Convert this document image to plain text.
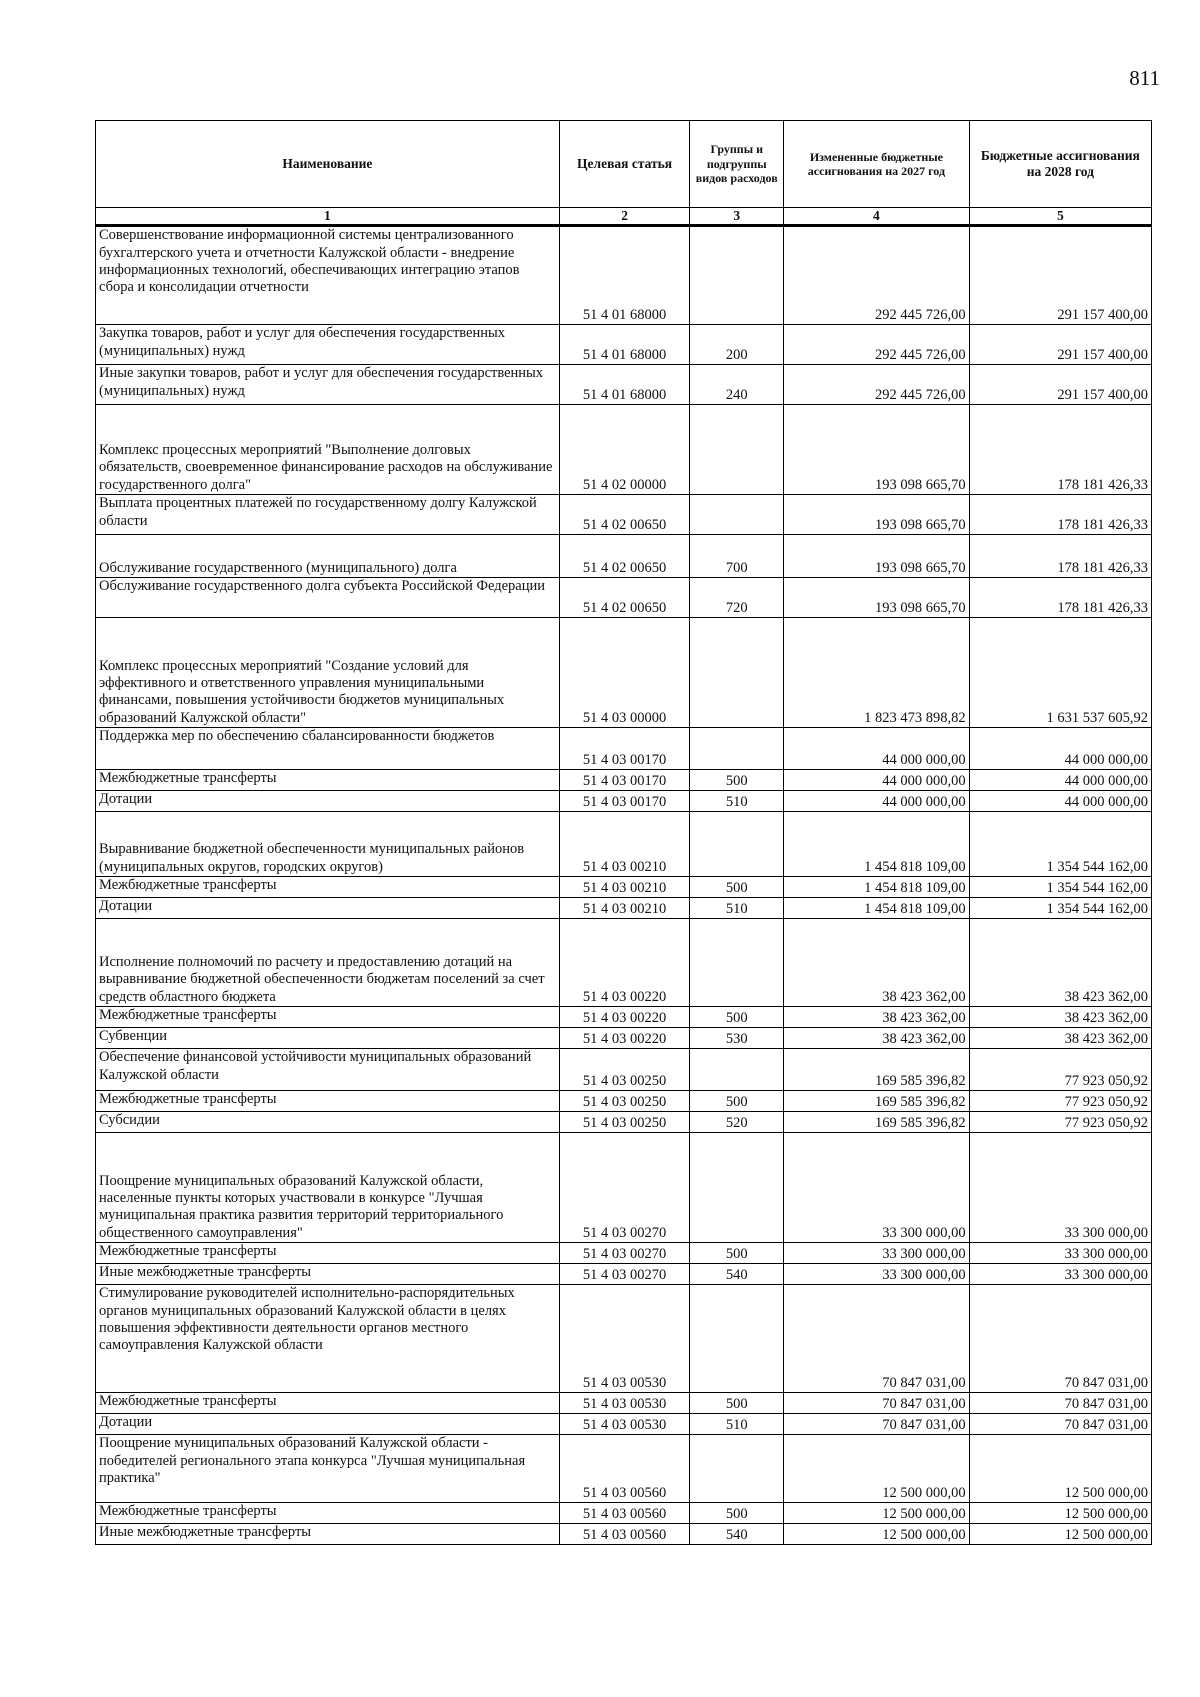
811
Наименование	Целевая статья	Группы и подгруппы видов расходов	Измененные бюджетные ассигнования на 2027 год	Бюджетные ассигнования на 2028 год
1	2	3	4	5
Совершенствование информационной системы централизованного бухгалтерского учета и отчетности Калужской области - внедрение информационных технологий, обеспечивающих интеграцию этапов сбора и консолидации отчетности	51 4 01 68000		292 445 726,00	291 157 400,00
Закупка товаров, работ и услуг для обеспечения государственных (муниципальных) нужд	51 4 01 68000	200	292 445 726,00	291 157 400,00
Иные закупки товаров, работ и услуг для обеспечения государственных (муниципальных) нужд	51 4 01 68000	240	292 445 726,00	291 157 400,00
Комплекс процессных мероприятий "Выполнение долговых обязательств, своевременное финансирование расходов на обслуживание государственного долга"	51 4 02 00000		193 098 665,70	178 181 426,33
Выплата процентных платежей по государственному долгу Калужской области	51 4 02 00650		193 098 665,70	178 181 426,33
Обслуживание государственного (муниципального) долга	51 4 02 00650	700	193 098 665,70	178 181 426,33
Обслуживание государственного долга субъекта Российской Федерации	51 4 02 00650	720	193 098 665,70	178 181 426,33
Комплекс процессных мероприятий "Создание условий для эффективного и ответственного управления муниципальными финансами, повышения устойчивости бюджетов муниципальных образований Калужской области"	51 4 03 00000		1 823 473 898,82	1 631 537 605,92
Поддержка мер по обеспечению сбалансированности бюджетов	51 4 03 00170		44 000 000,00	44 000 000,00
Межбюджетные трансферты	51 4 03 00170	500	44 000 000,00	44 000 000,00
Дотации	51 4 03 00170	510	44 000 000,00	44 000 000,00
Выравнивание бюджетной обеспеченности муниципальных районов (муниципальных округов, городских округов)	51 4 03 00210		1 454 818 109,00	1 354 544 162,00
Межбюджетные трансферты	51 4 03 00210	500	1 454 818 109,00	1 354 544 162,00
Дотации	51 4 03 00210	510	1 454 818 109,00	1 354 544 162,00
Исполнение полномочий по расчету и предоставлению дотаций на выравнивание бюджетной обеспеченности бюджетам поселений за счет средств областного бюджета	51 4 03 00220		38 423 362,00	38 423 362,00
Межбюджетные трансферты	51 4 03 00220	500	38 423 362,00	38 423 362,00
Субвенции	51 4 03 00220	530	38 423 362,00	38 423 362,00
Обеспечение финансовой устойчивости муниципальных образований Калужской области	51 4 03 00250		169 585 396,82	77 923 050,92
Межбюджетные трансферты	51 4 03 00250	500	169 585 396,82	77 923 050,92
Субсидии	51 4 03 00250	520	169 585 396,82	77 923 050,92
Поощрение муниципальных образований Калужской области, населенные пункты которых участвовали в конкурсе "Лучшая муниципальная практика развития территорий территориального общественного самоуправления"	51 4 03 00270		33 300 000,00	33 300 000,00
Межбюджетные трансферты	51 4 03 00270	500	33 300 000,00	33 300 000,00
Иные межбюджетные трансферты	51 4 03 00270	540	33 300 000,00	33 300 000,00
Стимулирование руководителей исполнительно-распорядительных органов муниципальных образований Калужской области в целях повышения эффективности деятельности органов местного самоуправления Калужской области	51 4 03 00530		70 847 031,00	70 847 031,00
Межбюджетные трансферты	51 4 03 00530	500	70 847 031,00	70 847 031,00
Дотации	51 4 03 00530	510	70 847 031,00	70 847 031,00
Поощрение муниципальных образований Калужской области - победителей регионального этапа конкурса "Лучшая муниципальная практика"	51 4 03 00560		12 500 000,00	12 500 000,00
Межбюджетные трансферты	51 4 03 00560	500	12 500 000,00	12 500 000,00
Иные межбюджетные трансферты	51 4 03 00560	540	12 500 000,00	12 500 000,00
